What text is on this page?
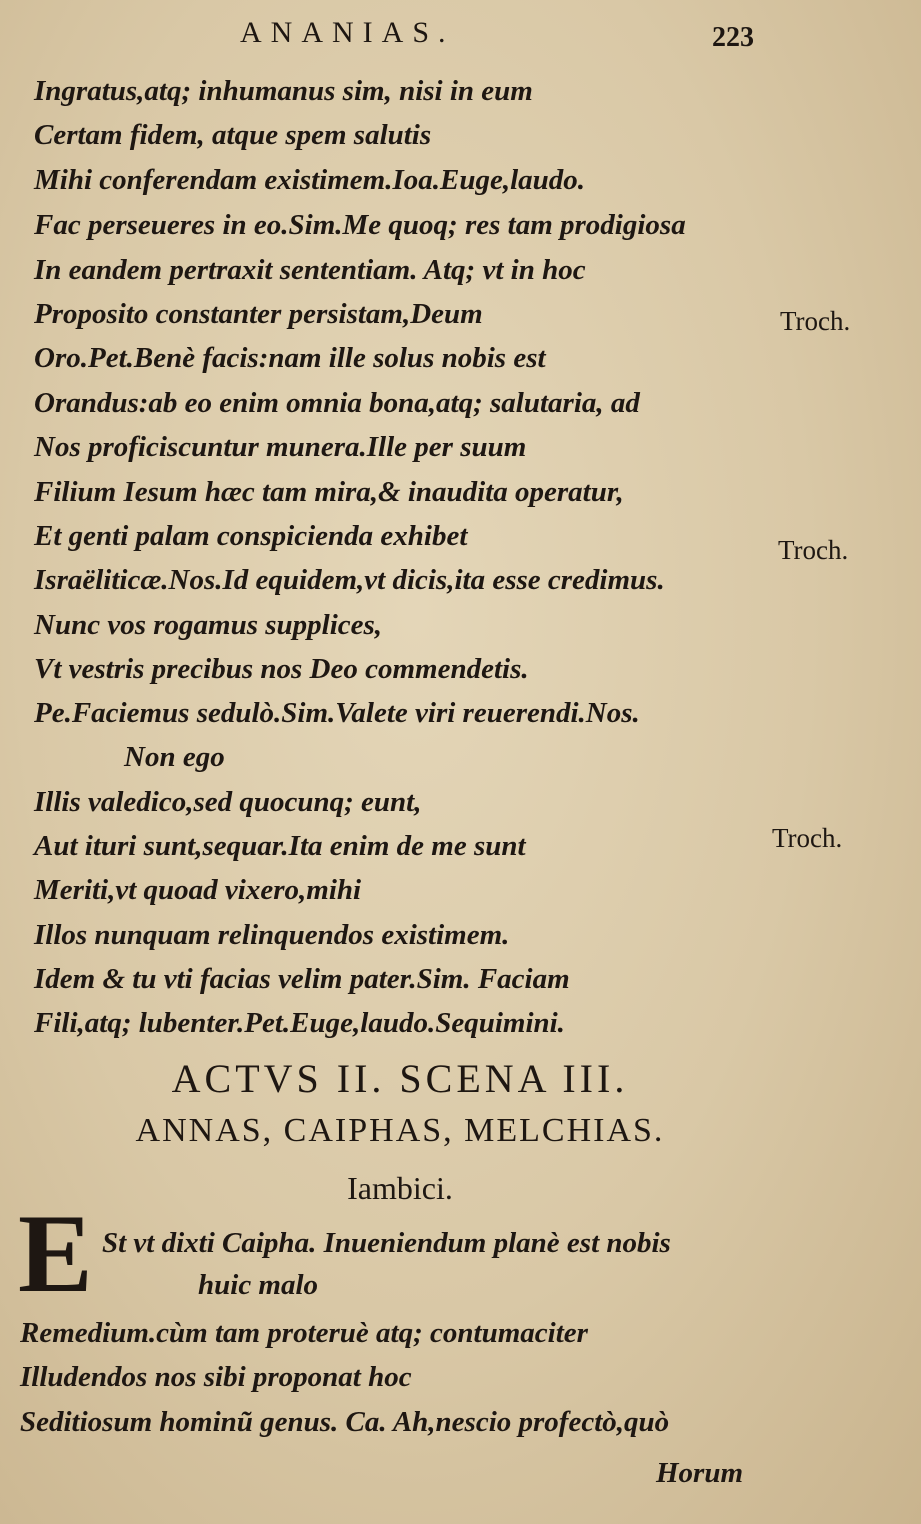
ANANIAS.	223
Ingratus,atq; inhumanus sim, nisi in eum
Certam fidem, atque spem salutis
Mihi conferendam existimem.Ioa.Euge,laudo.
Fac perseueres in eo.Sim.Me quoq; res tam prodigiosa
In eandem pertraxit sententiam. Atq; vt in hoc
Proposito constanter persistam,Deum
Oro.Pet.Benè facis:nam ille solus nobis est
Orandus:ab eo enim omnia bona,atq; salutaria, ad
Nos proficiscuntur munera.Ille per suum
Filium Iesum hæc tam mira,& inaudita operatur,
Et genti palam conspicienda exhibet
Israëliticæ.Nos.Id equidem,vt dicis,ita esse credimus.
Nunc vos rogamus supplices,
Vt vestris precibus nos Deo commendetis.
Pe.Faciemus sedulò.Sim.Valete viri reuerendi.Nos.
Non ego
Illis valedico,sed quocunq; eunt,
Aut ituri sunt,sequar.Ita enim de me sunt
Meriti,vt quoad vixero,mihi
Illos nunquam relinquendos existimem.
Idem & tu vti facias velim pater.Sim. Faciam
Fili,atq; lubenter.Pet.Euge,laudo.Sequimini.
Troch.
Troch.
Troch.
ACTVS II. SCENA III.
ANNAS, CAIPHAS, MELCHIAS.
Iambici.
E St vt dixti Caipha. Inueniendum planè est nobis
huic malo
Remedium.cùm tam proteruè atq; contumaciter
Illudendos nos sibi proponat hoc
Seditiosum hominũ genus. Ca. Ah,nescio profectò,quò
Horum
